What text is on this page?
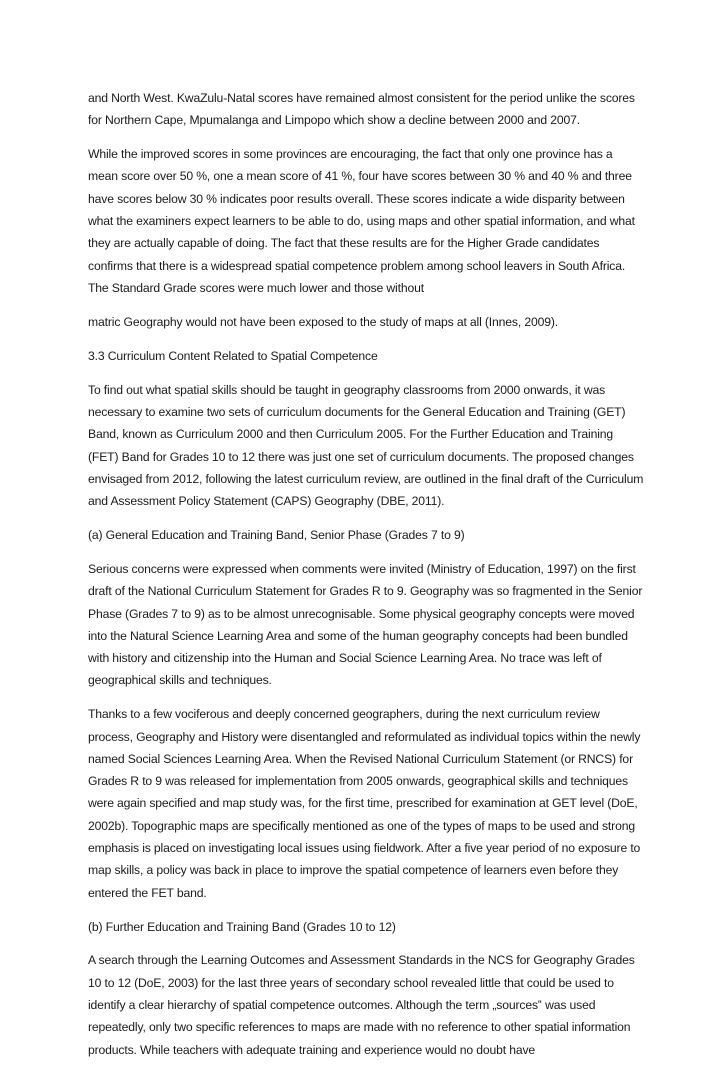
and North West. KwaZulu-Natal scores have remained almost consistent for the period unlike the scores for Northern Cape, Mpumalanga and Limpopo which show a decline between 2000 and 2007.

While the improved scores in some provinces are encouraging, the fact that only one province has a mean score over 50 %, one a mean score of 41 %, four have scores between 30 % and 40 % and three have scores below 30 % indicates poor results overall. These scores indicate a wide disparity between what the examiners expect learners to be able to do, using maps and other spatial information, and what they are actually capable of doing. The fact that these results are for the Higher Grade candidates confirms that there is a widespread spatial competence problem among school leavers in South Africa. The Standard Grade scores were much lower and those without

matric Geography would not have been exposed to the study of maps at all (Innes, 2009).

3.3 Curriculum Content Related to Spatial Competence

To find out what spatial skills should be taught in geography classrooms from 2000 onwards, it was necessary to examine two sets of curriculum documents for the General Education and Training (GET) Band, known as Curriculum 2000 and then Curriculum 2005. For the Further Education and Training (FET) Band for Grades 10 to 12 there was just one set of curriculum documents. The proposed changes envisaged from 2012, following the latest curriculum review, are outlined in the final draft of the Curriculum and Assessment Policy Statement (CAPS) Geography (DBE, 2011).

(a) General Education and Training Band, Senior Phase (Grades 7 to 9)

Serious concerns were expressed when comments were invited (Ministry of Education, 1997) on the first draft of the National Curriculum Statement for Grades R to 9. Geography was so fragmented in the Senior Phase (Grades 7 to 9) as to be almost unrecognisable. Some physical geography concepts were moved into the Natural Science Learning Area and some of the human geography concepts had been bundled with history and citizenship into the Human and Social Science Learning Area. No trace was left of geographical skills and techniques.

Thanks to a few vociferous and deeply concerned geographers, during the next curriculum review process, Geography and History were disentangled and reformulated as individual topics within the newly named Social Sciences Learning Area. When the Revised National Curriculum Statement (or RNCS) for Grades R to 9 was released for implementation from 2005 onwards, geographical skills and techniques were again specified and map study was, for the first time, prescribed for examination at GET level (DoE, 2002b). Topographic maps are specifically mentioned as one of the types of maps to be used and strong emphasis is placed on investigating local issues using fieldwork. After a five year period of no exposure to map skills, a policy was back in place to improve the spatial competence of learners even before they entered the FET band.

(b) Further Education and Training Band (Grades 10 to 12)

A search through the Learning Outcomes and Assessment Standards in the NCS for Geography Grades 10 to 12 (DoE, 2003) for the last three years of secondary school revealed little that could be used to identify a clear hierarchy of spatial competence outcomes. Although the term „sources‟ was used repeatedly, only two specific references to maps are made with no reference to other spatial information products. While teachers with adequate training and experience would no doubt have
